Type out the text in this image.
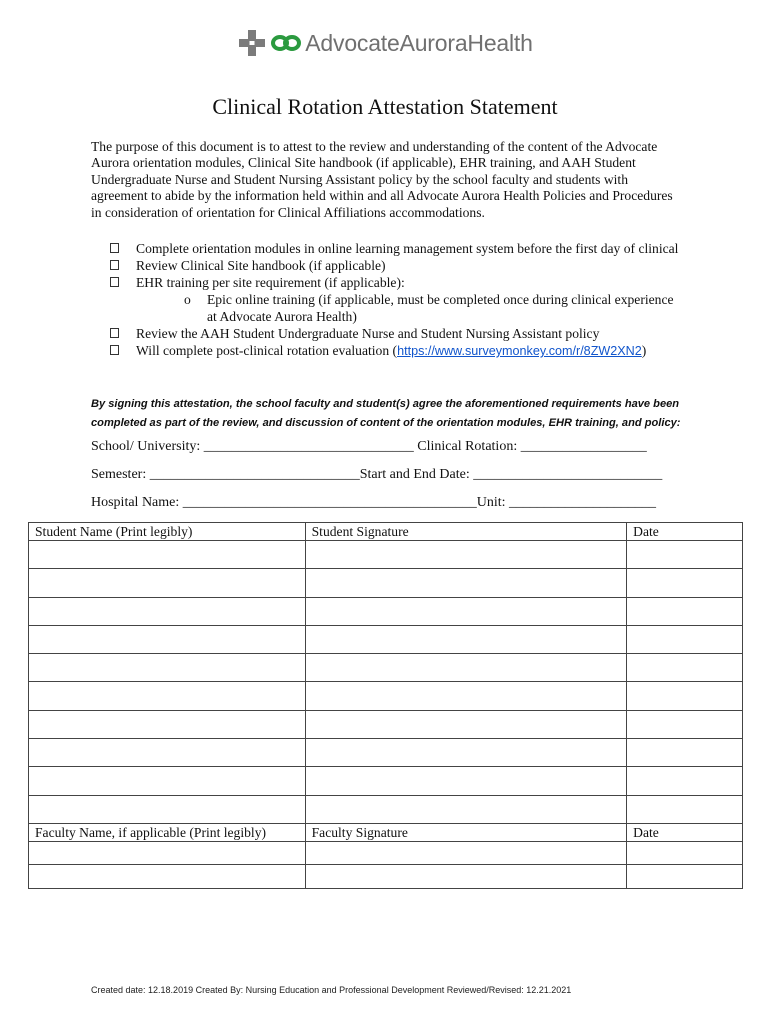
AdvocateAuroraHealth
Clinical Rotation Attestation Statement

The purpose of this document is to attest to the review and understanding of the content of the Advocate Aurora orientation modules, Clinical Site handbook (if applicable), EHR training, and AAH Student Undergraduate Nurse and Student Nursing Assistant policy by the school faculty and students with agreement to abide by the information held within and all Advocate Aurora Health Policies and Procedures in consideration of orientation for Clinical Affiliations accommodations.

Complete orientation modules in online learning management system before the first day of clinical
Review Clinical Site handbook (if applicable)
EHR training per site requirement (if applicable):
o Epic online training (if applicable, must be completed once during clinical experience at Advocate Aurora Health)
Review the AAH Student Undergraduate Nurse and Student Nursing Assistant policy
Will complete post-clinical rotation evaluation (https://www.surveymonkey.com/r/8ZW2XN2)

By signing this attestation, the school faculty and student(s) agree the aforementioned requirements have been completed as part of the review, and discussion of content of the orientation modules, EHR training, and policy:

School/ University: ______________________________ Clinical Rotation: __________________
Semester: ______________________________Start and End Date: ___________________________
Hospital Name: __________________________________________Unit: _____________________
Student Name (Print legibly)	Student Signature	Date

Faculty Name, if applicable (Print legibly)	Faculty Signature	Date

Created date: 12.18.2019 Created By: Nursing Education and Professional Development Reviewed/Revised: 12.21.2021
